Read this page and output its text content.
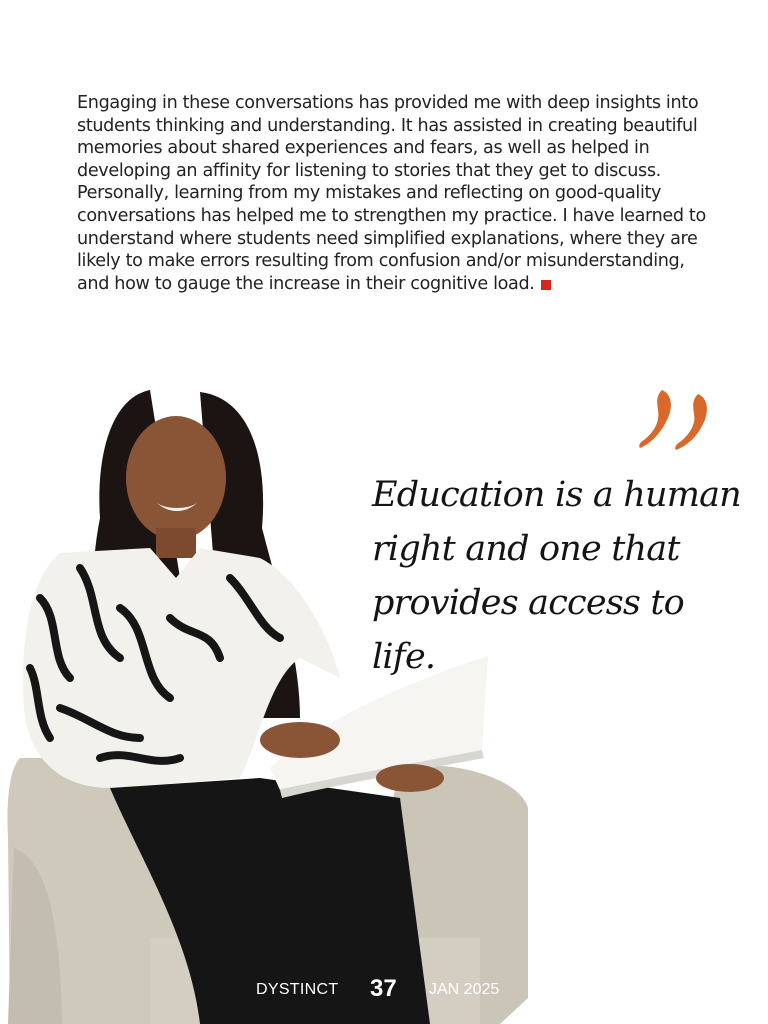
Engaging in these conversations has provided me with deep insights into students thinking and understanding. It has assisted in creating beautiful memories about shared experiences and fears, as well as helped in developing an affinity for listening to stories that they get to discuss. Personally, learning from my mistakes and reflecting on good-quality conversations has helped me to strengthen my practice. I have learned to understand where students need simplified explanations, where they are likely to make errors resulting from confusion and/or misunderstanding, and how to gauge the increase in their cognitive load.
Education is a human
right and one that
provides access to life.
DYSTINCT 37 JAN 2025
